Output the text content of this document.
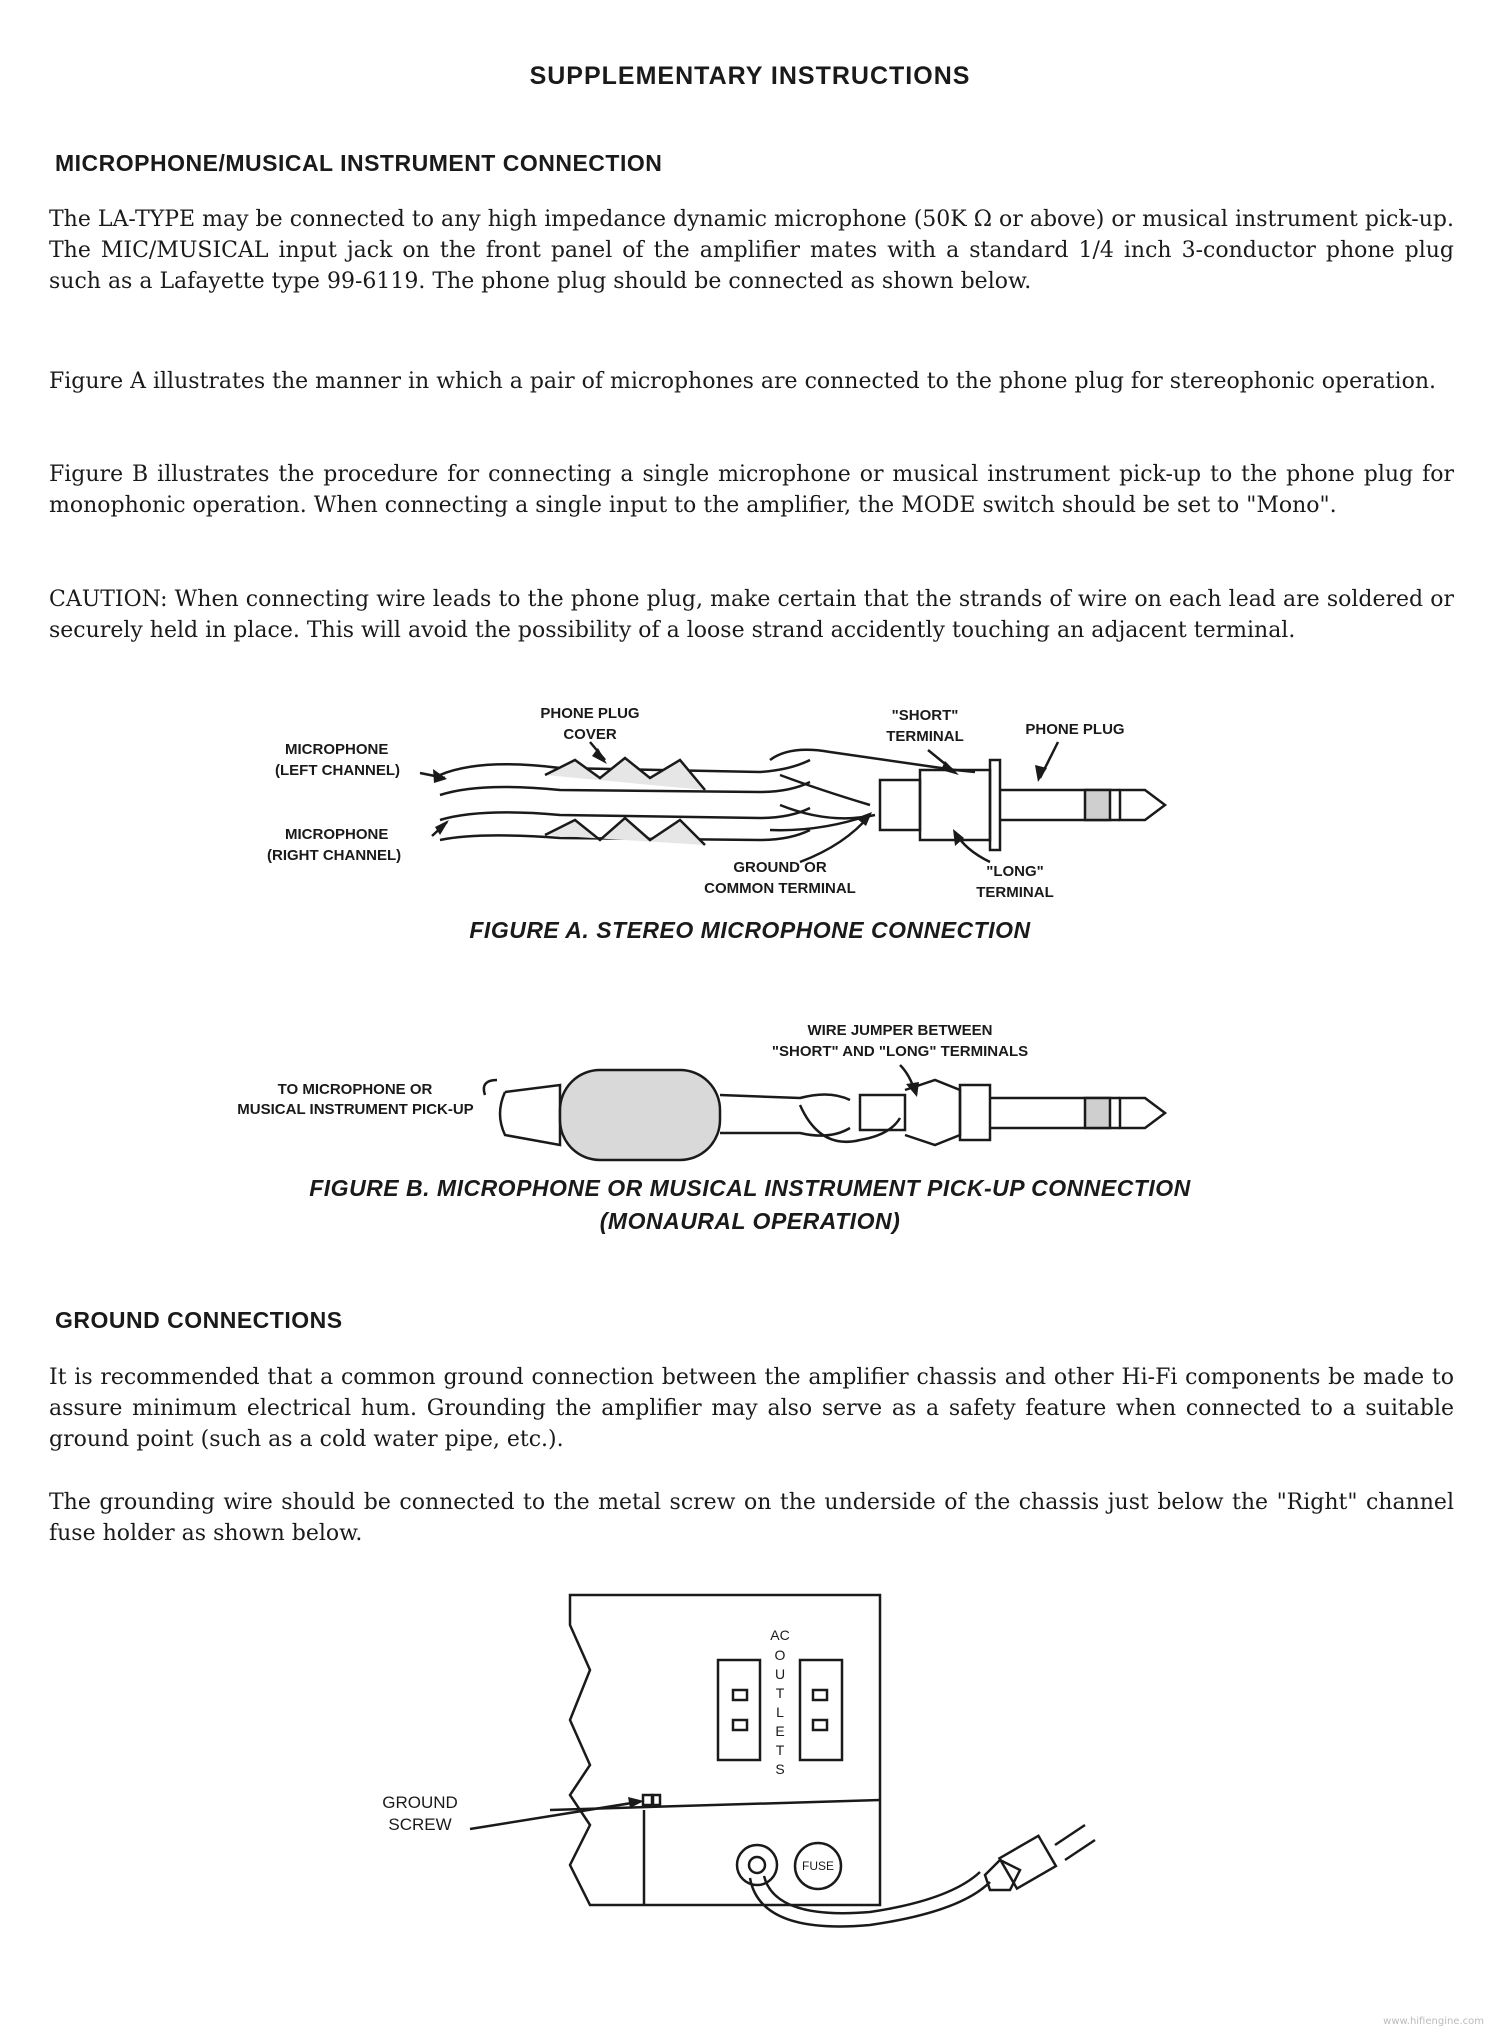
SUPPLEMENTARY INSTRUCTIONS
MICROPHONE/MUSICAL INSTRUMENT CONNECTION

The LA-TYPE may be connected to any high impedance dynamic microphone (50K Ω or above) or musical instrument pick-up. The MIC/MUSICAL input jack on the front panel of the amplifier mates with a standard 1/4 inch 3-conductor phone plug such as a Lafayette type 99-6119. The phone plug should be connected as shown below.

Figure A illustrates the manner in which a pair of microphones are connected to the phone plug for stereophonic operation.

Figure B illustrates the procedure for connecting a single microphone or musical instrument pick-up to the phone plug for monophonic operation. When connecting a single input to the amplifier, the MODE switch should be set to "Mono".

CAUTION: When connecting wire leads to the phone plug, make certain that the strands of wire on each lead are soldered or securely held in place. This will avoid the possibility of a loose strand accidently touching an adjacent terminal.

MICROPHONE
(LEFT CHANNEL)
MICROPHONE
(RIGHT CHANNEL)
PHONE PLUG
COVER
"SHORT"
TERMINAL	PHONE PLUG
GROUND OR
COMMON TERMINAL
"LONG"
TERMINAL
FIGURE A. STEREO MICROPHONE CONNECTION
WIRE JUMPER BETWEEN
"SHORT" AND "LONG" TERMINALS
TO MICROPHONE OR
MUSICAL INSTRUMENT PICK-UP
FIGURE B. MICROPHONE OR MUSICAL INSTRUMENT PICK-UP CONNECTION
(MONAURAL OPERATION)
GROUND CONNECTIONS

It is recommended that a common ground connection between the amplifier chassis and other Hi-Fi components be made to assure minimum electrical hum. Grounding the amplifier may also serve as a safety feature when connected to a suitable ground point (such as a cold water pipe, etc.).

The grounding wire should be connected to the metal screw on the underside of the chassis just below the "Right" channel fuse holder as shown below.

GROUND
SCREW
AC
O
U
T
L
E
T
S
FUSE
www.hifiengine.com
